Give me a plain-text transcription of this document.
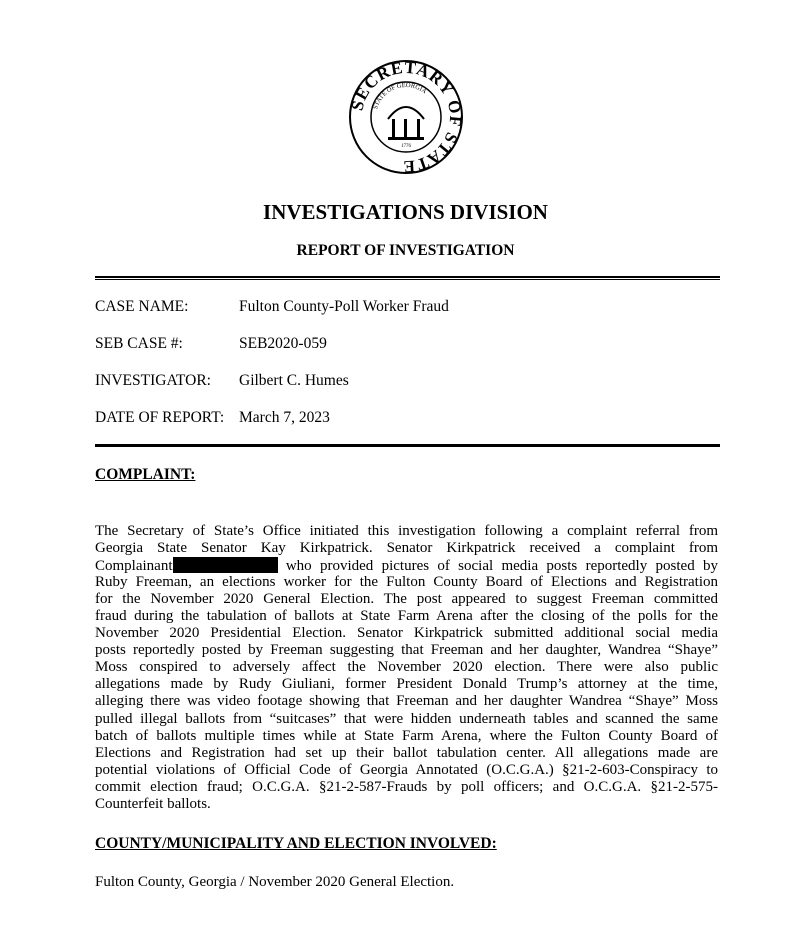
SECRETARY OF STATE
STATE OF GEORGIA
1776
INVESTIGATIONS DIVISION
REPORT OF INVESTIGATION
CASE NAME:	Fulton County-Poll Worker Fraud
SEB CASE #:	SEB2020-059
INVESTIGATOR: Gilbert C. Humes
DATE OF REPORT: March 7, 2023
COMPLAINT:
The Secretary of State’s Office initiated this investigation following a complaint referral from
Georgia State Senator Kay Kirkpatrick. Senator Kirkpatrick received a complaint from
Complainant	who provided pictures of social media posts reportedly posted by
Ruby Freeman, an elections worker for the Fulton County Board of Elections and Registration
for the November 2020 General Election. The post appeared to suggest Freeman committed
fraud during the tabulation of ballots at State Farm Arena after the closing of the polls for the
November 2020 Presidential Election. Senator Kirkpatrick submitted additional social media
posts reportedly posted by Freeman suggesting that Freeman and her daughter, Wandrea “Shaye”
Moss conspired to adversely affect the November 2020 election. There were also public
allegations made by Rudy Giuliani, former President Donald Trump’s attorney at the time,
alleging there was video footage showing that Freeman and her daughter Wandrea “Shaye” Moss
pulled illegal ballots from “suitcases” that were hidden underneath tables and scanned the same
batch of ballots multiple times while at State Farm Arena, where the Fulton County Board of
Elections and Registration had set up their ballot tabulation center. All allegations made are
potential violations of Official Code of Georgia Annotated (O.C.G.A.) §21-2-603-Conspiracy to
commit election fraud; O.C.G.A. §21-2-587-Frauds by poll officers; and O.C.G.A. §21-2-575-
Counterfeit ballots.
COUNTY/MUNICIPALITY AND ELECTION INVOLVED:
Fulton County, Georgia / November 2020 General Election.
